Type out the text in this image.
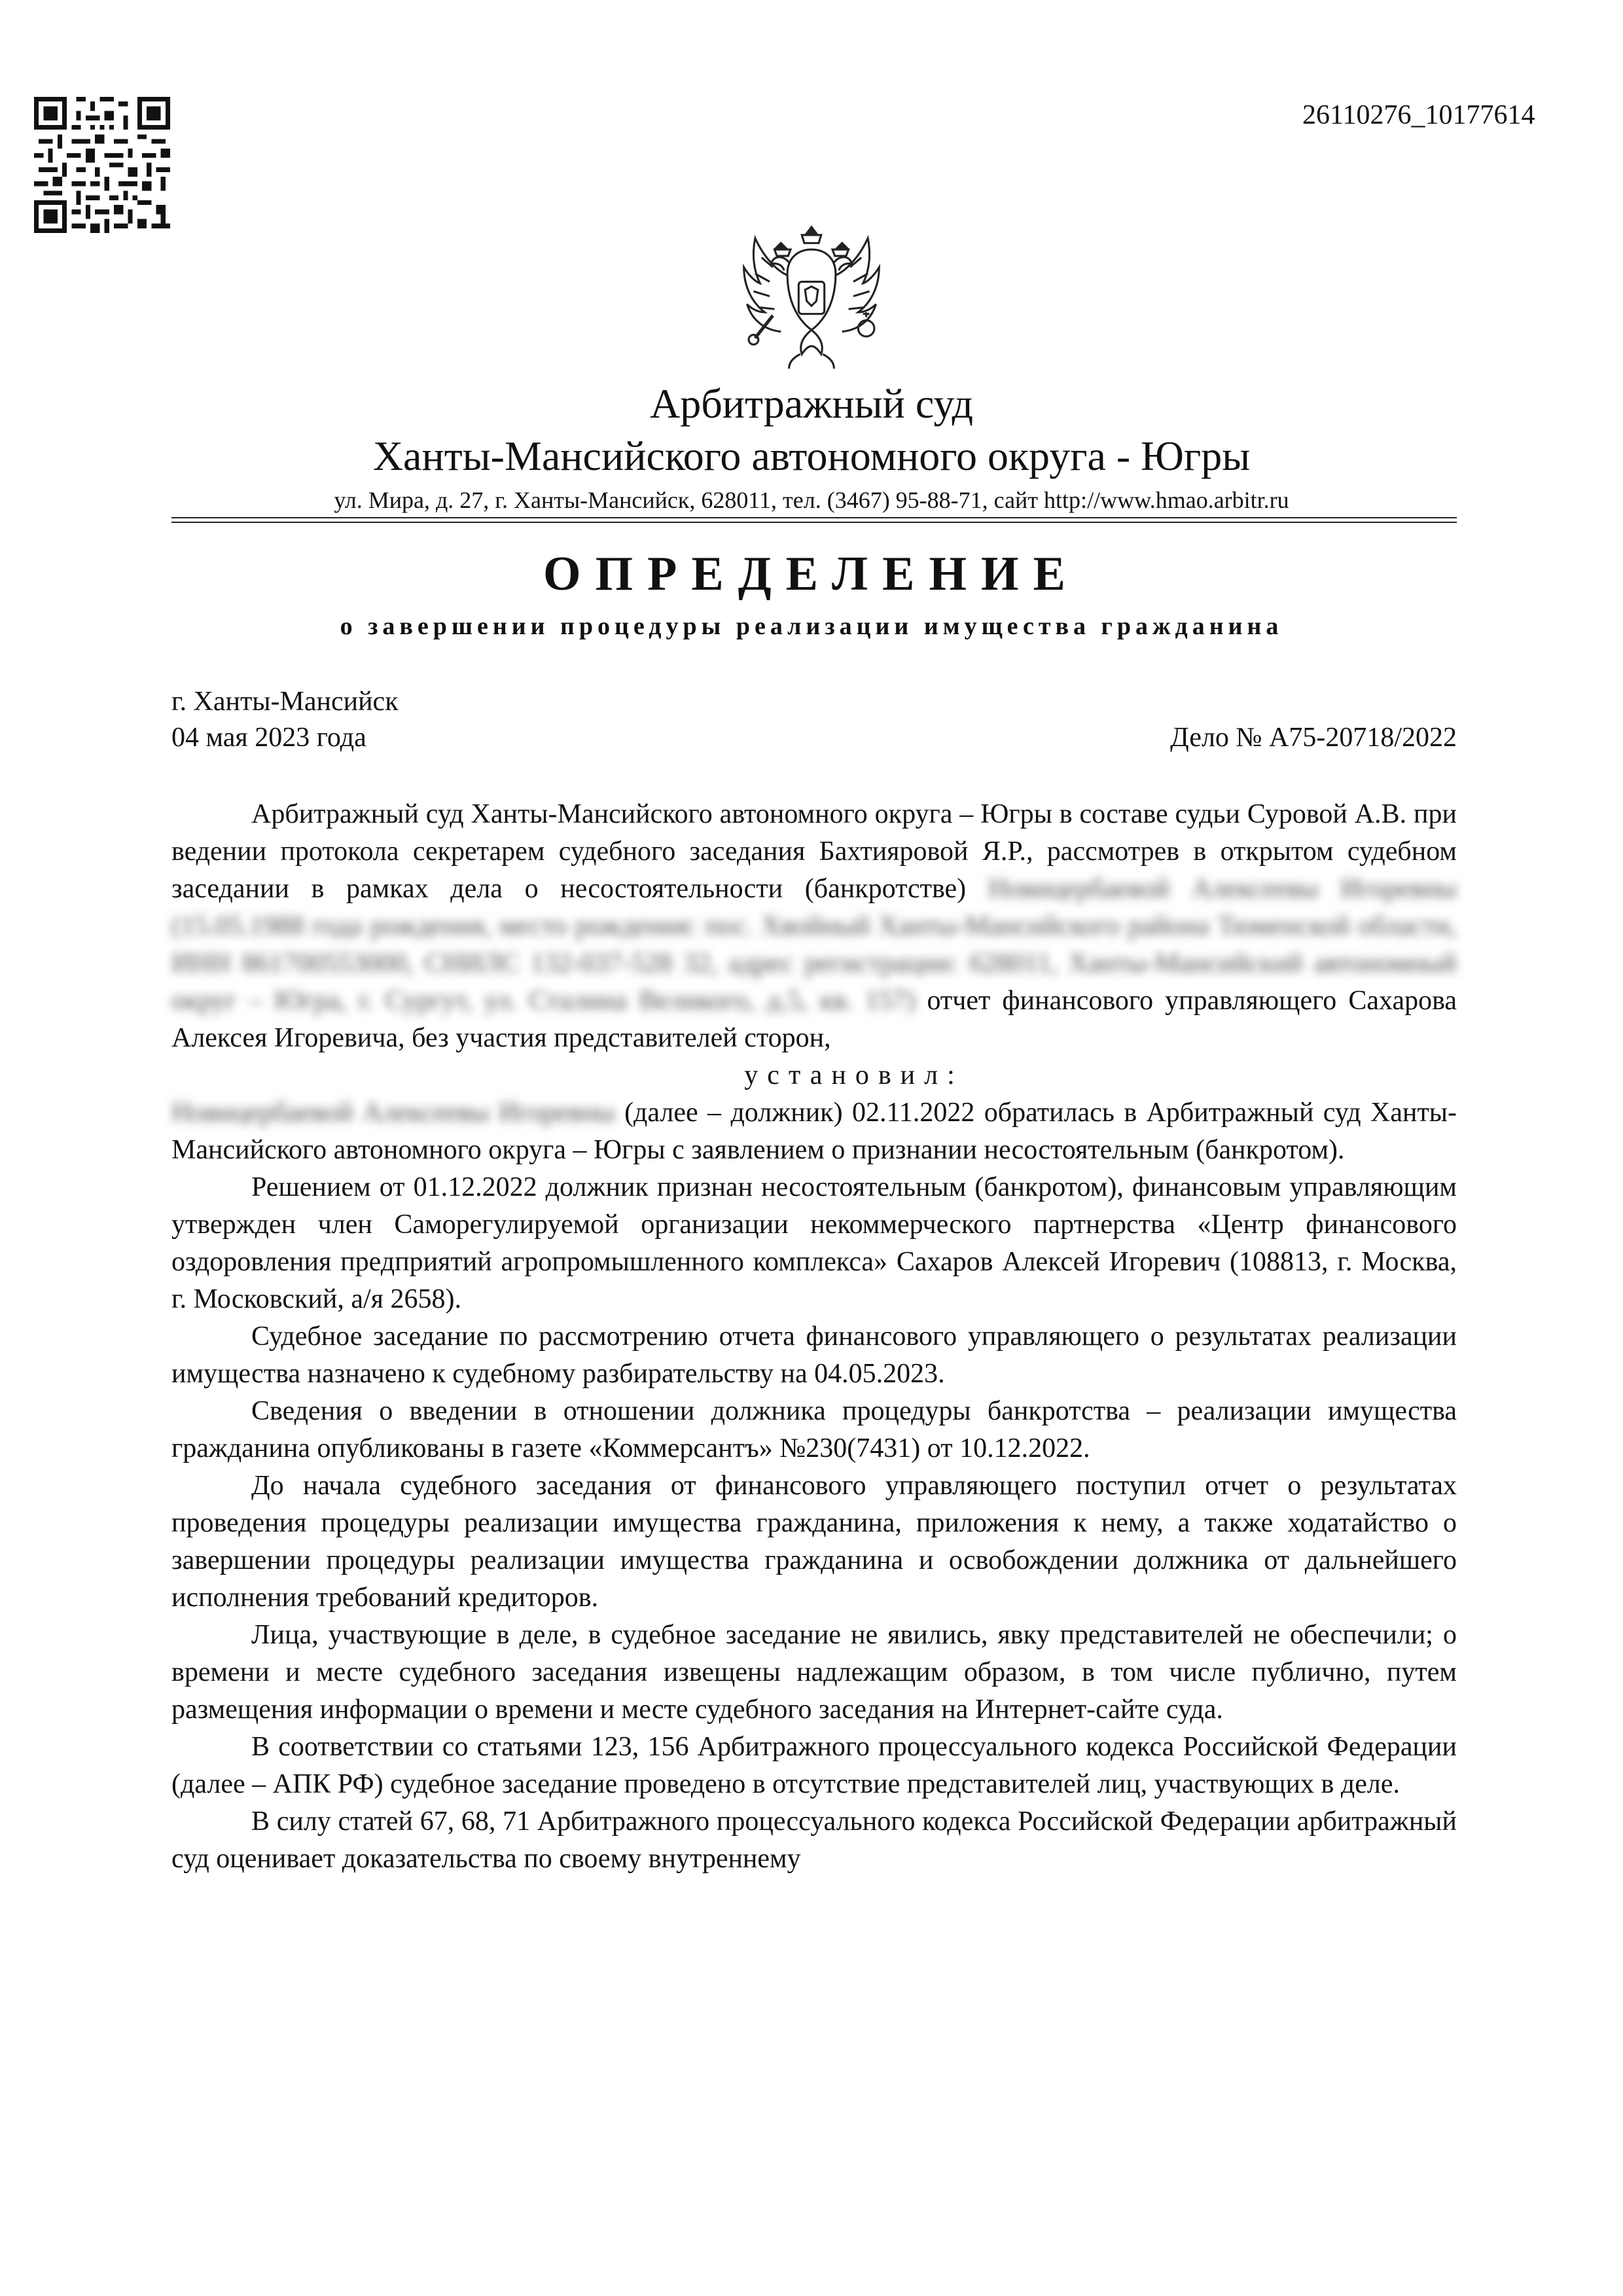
26110276_10177614
Арбитражный суд
Ханты-Мансийского автономного округа - Югры
ул. Мира, д. 27, г. Ханты-Мансийск, 628011, тел. (3467) 95-88-71, сайт http://www.hmao.arbitr.ru
ОПРЕДЕЛЕНИЕ
о завершении процедуры реализации имущества гражданина
г. Ханты-Мансийск
04 мая 2023 года	Дело № А75-20718/2022

Арбитражный суд Ханты-Мансийского автономного округа – Югры в составе судьи Суровой А.В. при ведении протокола секретарем судебного заседания Бахтияровой Я.Р., рассмотрев в открытом судебном заседании в рамках дела о несостоятельности (банкротстве) Новицербаевой Алексеевы Игоревны (15.05.1988 года рождения, место рождения: пос. Хвойный Ханты-Мансийского района Тюменской области, ИНН 861700553000, СНИЛС 132-037-528 32, адрес регистрации: 628011, Ханты-Мансийский автономный округ – Югра, г. Сургут, ул. Сталина Великого, д.5, кв. 157) отчет финансового управляющего Сахарова Алексея Игоревича, без участия представителей сторон,

установил:

Новицербаевой Алексеевы Игоревны (далее – должник) 02.11.2022 обратилась в Арбитражный суд Ханты-Мансийского автономного округа – Югры с заявлением о признании несостоятельным (банкротом).

Решением от 01.12.2022 должник признан несостоятельным (банкротом), финансовым управляющим утвержден член Саморегулируемой организации некоммерческого партнерства «Центр финансового оздоровления предприятий агропромышленного комплекса» Сахаров Алексей Игоревич (108813, г. Москва, г. Московский, а/я 2658).

Судебное заседание по рассмотрению отчета финансового управляющего о результатах реализации имущества назначено к судебному разбирательству на 04.05.2023.

Сведения о введении в отношении должника процедуры банкротства – реализации имущества гражданина опубликованы в газете «Коммерсантъ» №230(7431) от 10.12.2022.

До начала судебного заседания от финансового управляющего поступил отчет о результатах проведения процедуры реализации имущества гражданина, приложения к нему, а также ходатайство о завершении процедуры реализации имущества гражданина и освобождении должника от дальнейшего исполнения требований кредиторов.

Лица, участвующие в деле, в судебное заседание не явились, явку представителей не обеспечили; о времени и месте судебного заседания извещены надлежащим образом, в том числе публично, путем размещения информации о времени и месте судебного заседания на Интернет-сайте суда.

В соответствии со статьями 123, 156 Арбитражного процессуального кодекса Российской Федерации (далее – АПК РФ) судебное заседание проведено в отсутствие представителей лиц, участвующих в деле.

В силу статей 67, 68, 71 Арбитражного процессуального кодекса Российской Федерации арбитражный суд оценивает доказательства по своему внутреннему
